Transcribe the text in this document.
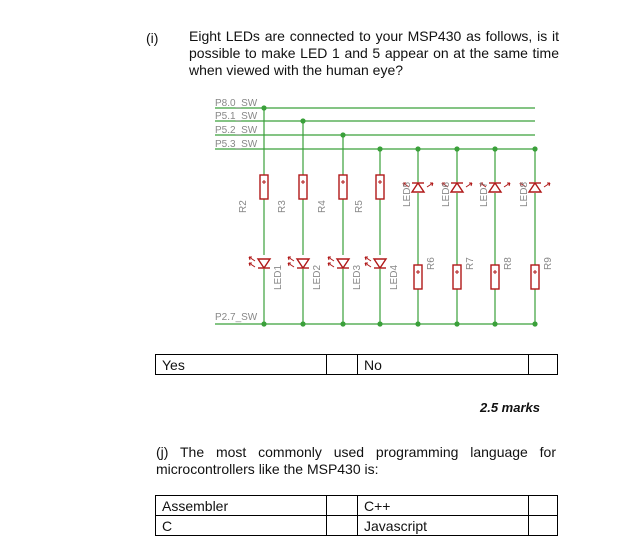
(i) Eight LEDs are connected to your MSP430 as follows, is it possible to make LED 1 and 5 appear on at the same time when viewed with the human eye?
P8.0_SW
P5.1_SW
P5.2_SW
P5.3_SW
P2.7_SW
R2
LED1
R3
LED2
R4
LED3
R5
LED4
LED5
R6
LED6
R7
LED7
R8
LED8
R9
Yes		No	
2.5 marks
(j) The most commonly used programming language for microcontrollers like the MSP430 is:
Assembler		C++	
C		Javascript	
